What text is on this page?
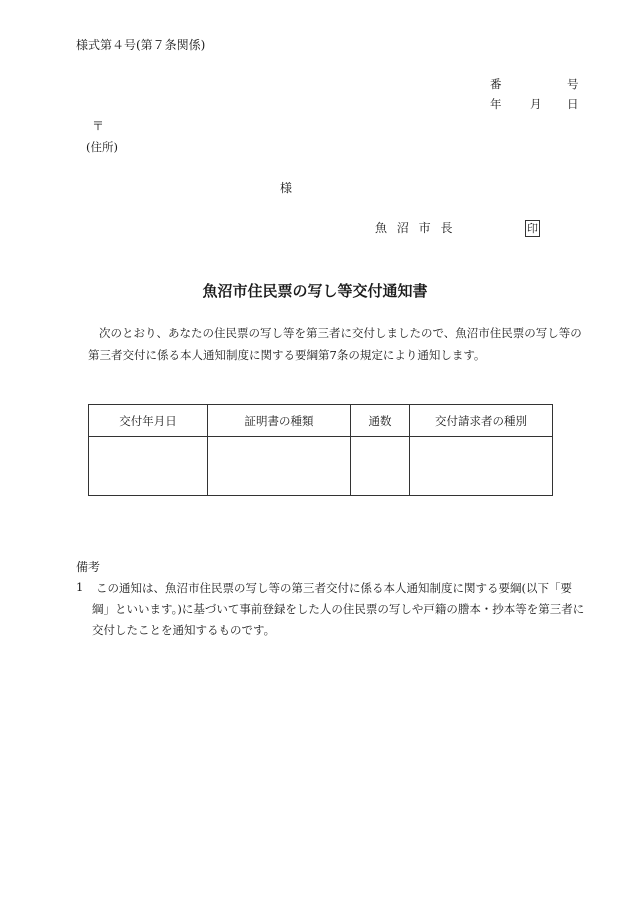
様式第４号(第７条関係)
番	号
年 月 日
〒
(住所)
様
魚 沼 市 長	印
魚沼市住民票の写し等交付通知書
次のとおり、あなたの住民票の写し等を第三者に交付しましたので、魚沼市住民票の写し等の第三者交付に係る本人通知制度に関する要綱第7条の規定により通知します。
交付年月日	証明書の種類	通数	交付請求者の種別

備考
1	この通知は、魚沼市住民票の写し等の第三者交付に係る本人通知制度に関する要綱(以下「要綱」といいます。)に基づいて事前登録をした人の住民票の写しや戸籍の謄本・抄本等を第三者に交付したことを通知するものです。
